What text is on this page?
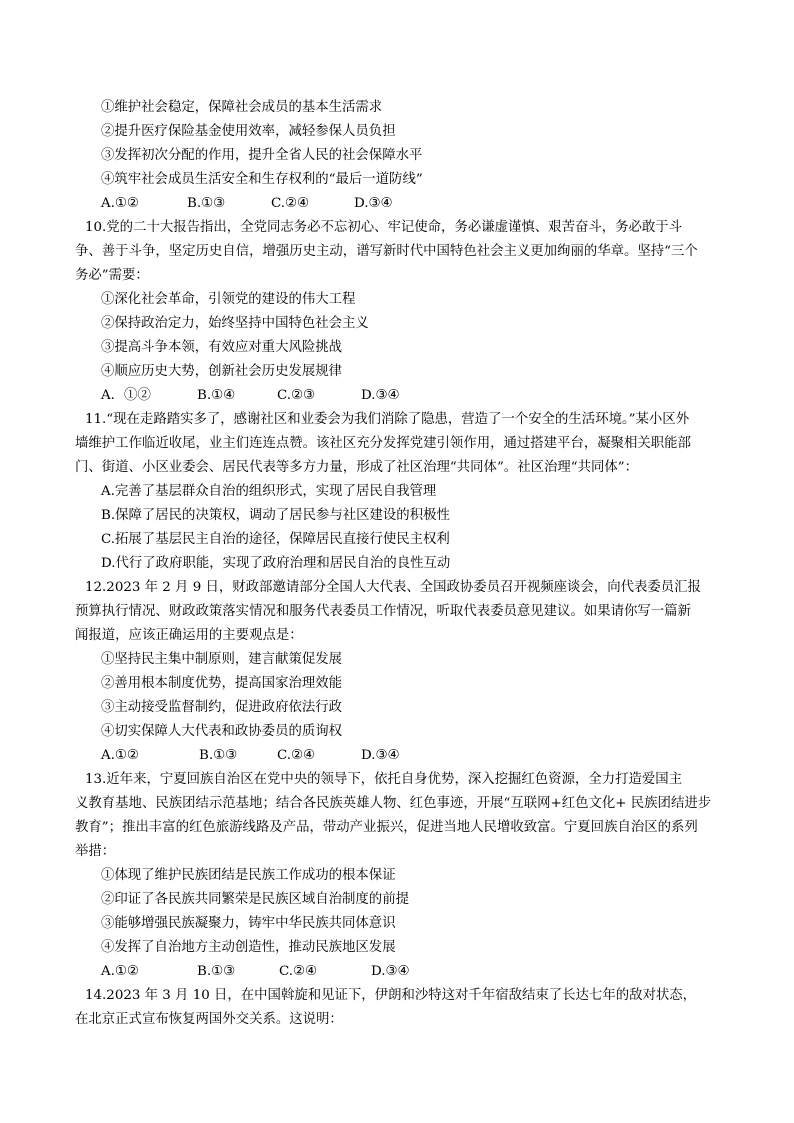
①维护社会稳定，保障社会成员的基本生活需求
②提升医疗保险基金使用效率，减轻参保人员负担
③发挥初次分配的作用，提升全省人民的社会保障水平
④筑牢社会成员生活安全和生存权利的“最后一道防线”
A.①②	B.①③	C.②④	D.③④
10.党的二十大报告指出，全党同志务必不忘初心、牢记使命，务必谦虚谨慎、艰苦奋斗，务必敢于斗
争、善于斗争，坚定历史自信，增强历史主动，谱写新时代中国特色社会主义更加绚丽的华章。坚持“三个
务必”需要：
①深化社会革命，引领党的建设的伟大工程
②保持政治定力，始终坚持中国特色社会主义
③提高斗争本领，有效应对重大风险挑战
④顺应历史大势，创新社会历史发展规律
A．①②	B.①④	C.②③	D.③④
11.“现在走路踏实多了，感谢社区和业委会为我们消除了隐患，营造了一个安全的生活环境。”某小区外
墙维护工作临近收尾，业主们连连点赞。该社区充分发挥党建引领作用，通过搭建平台，凝聚相关职能部
门、街道、小区业委会、居民代表等多方力量，形成了社区治理“共同体”。社区治理“共同体”：
A.完善了基层群众自治的组织形式，实现了居民自我管理
B.保障了居民的决策权，调动了居民参与社区建设的积极性
C.拓展了基层民主自治的途径，保障居民直接行使民主权利
D.代行了政府职能，实现了政府治理和居民自治的良性互动
12.2023 年 2 月 9 日，财政部邀请部分全国人大代表、全国政协委员召开视频座谈会，向代表委员汇报
预算执行情况、财政政策落实情况和服务代表委员工作情况，听取代表委员意见建议。如果请你写一篇新
闻报道，应该正确运用的主要观点是：
①坚持民主集中制原则，建言献策促发展
②善用根本制度优势，提高国家治理效能
③主动接受监督制约，促进政府依法行政
④切实保障人大代表和政协委员的质询权
A.①②	B.①③	C.②④	D.③④
13.近年来，宁夏回族自治区在党中央的领导下，依托自身优势，深入挖掘红色资源，全力打造爱国主
义教育基地、民族团结示范基地；结合各民族英雄人物、红色事迹，开展“互联网+红色文化+ 民族团结进步
教育”；推出丰富的红色旅游线路及产品，带动产业振兴，促进当地人民增收致富。宁夏回族自治区的系列
举措：
①体现了维护民族团结是民族工作成功的根本保证
②印证了各民族共同繁荣是民族区域自治制度的前提
③能够增强民族凝聚力，铸牢中华民族共同体意识
④发挥了自治地方主动创造性，推动民族地区发展
A.①②	B.①③	C.②④	D.③④
14.2023 年 3 月 10 日，在中国斡旋和见证下，伊朗和沙特这对千年宿敌结束了长达七年的敌对状态，
在北京正式宣布恢复两国外交关系。这说明：
